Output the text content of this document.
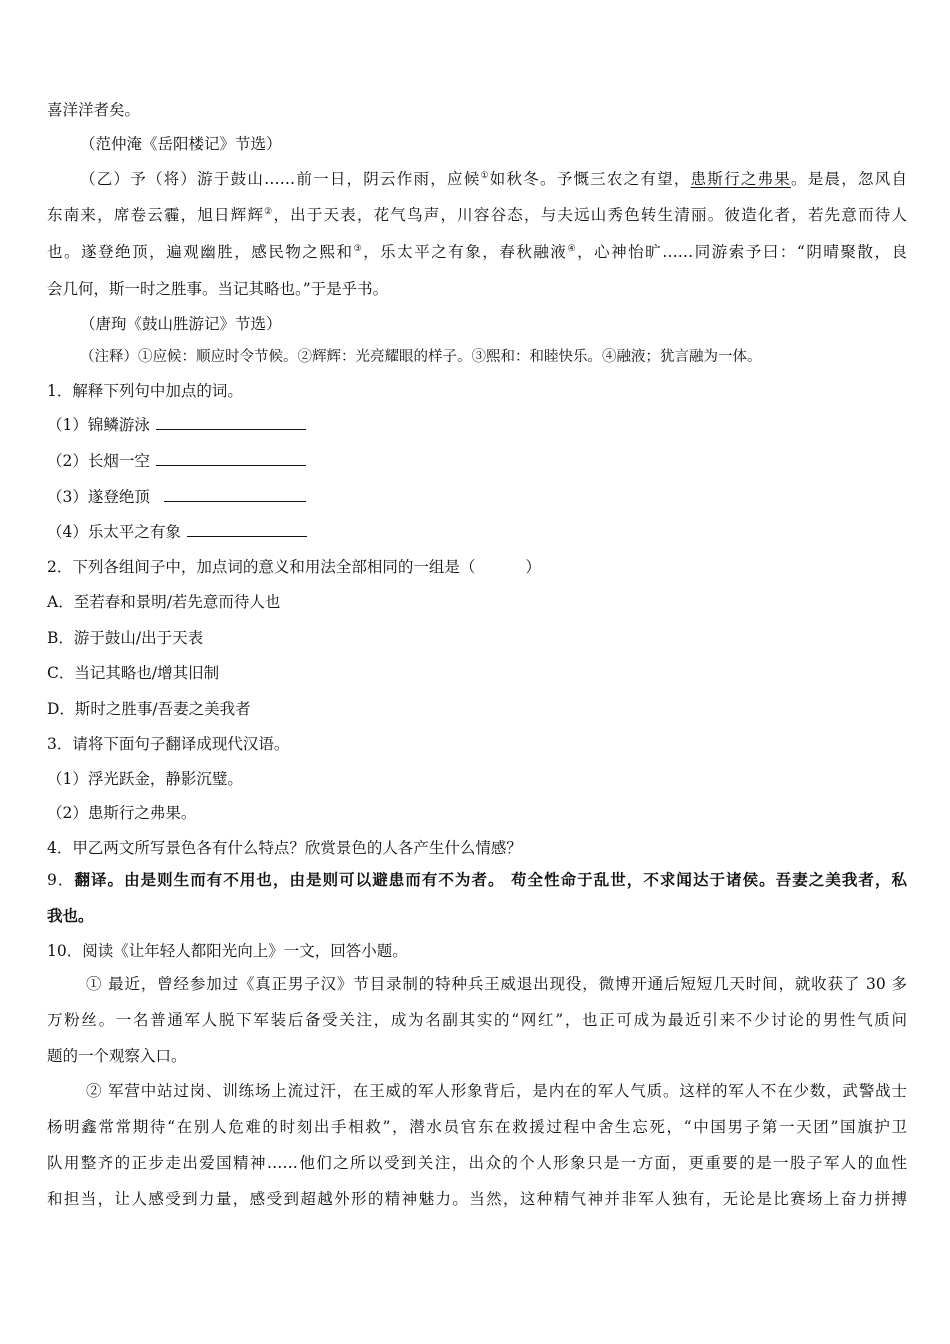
喜洋洋者矣。
（范仲淹《岳阳楼记》节选）
（乙）予（将）游于鼓山……前一日，阴云作雨，应候①如秋冬。予慨三农之有望，患斯行之弗果。是晨，忽风自
东南来，席卷云霾，旭日辉辉②，出于天表，花气鸟声，川容谷态，与夫远山秀色转生清丽。彼造化者，若先意而待人
也。遂登绝顶，遍观幽胜，感民物之熙和③，乐太平之有象，春秋融液④，心神怡旷……同游索予曰：“阴晴聚散，良
会几何，斯一时之胜事。当记其略也。”于是乎书。
（唐珣《鼓山胜游记》节选）
（注释）①应候：顺应时令节候。②辉辉：光亮耀眼的样子。③熙和：和睦快乐。④融液；犹言融为一体。
1．解释下列句中加点的词。
（1）锦鳞游泳
（2）长烟一空
（3）遂登绝顶
（4）乐太平之有象
2．下列各组间子中，加点词的意义和用法全部相同的一组是（	）
A．至若春和景明/若先意而待人也
B．游于鼓山/出于天表
C．当记其略也/增其旧制
D．斯时之胜事/吾妻之美我者
3．请将下面句子翻译成现代汉语。
（1）浮光跃金，静影沉璧。
（2）患斯行之弗果。
4．甲乙两文所写景色各有什么特点？欣赏景色的人各产生什么情感？
9．翻译。由是则生而有不用也，由是则可以避患而有不为者。 苟全性命于乱世，不求闻达于诸侯。吾妻之美我者，私
我也。
10．阅读《让年轻人都阳光向上》一文，回答小题。
① 最近，曾经参加过《真正男子汉》节目录制的特种兵王威退出现役，微博开通后短短几天时间，就收获了 30 多
万粉丝。一名普通军人脱下军装后备受关注，成为名副其实的“网红”，也正可成为最近引来不少讨论的男性气质问
题的一个观察入口。
② 军营中站过岗、训练场上流过汗，在王威的军人形象背后，是内在的军人气质。这样的军人不在少数，武警战士
杨明鑫常常期待“在别人危难的时刻出手相救”，潜水员官东在救援过程中舍生忘死，“中国男子第一天团”国旗护卫
队用整齐的正步走出爱国精神……他们之所以受到关注，出众的个人形象只是一方面，更重要的是一股子军人的血性
和担当，让人感受到力量，感受到超越外形的精神魅力。当然，这种精气神并非军人独有，无论是比赛场上奋力拼搏
